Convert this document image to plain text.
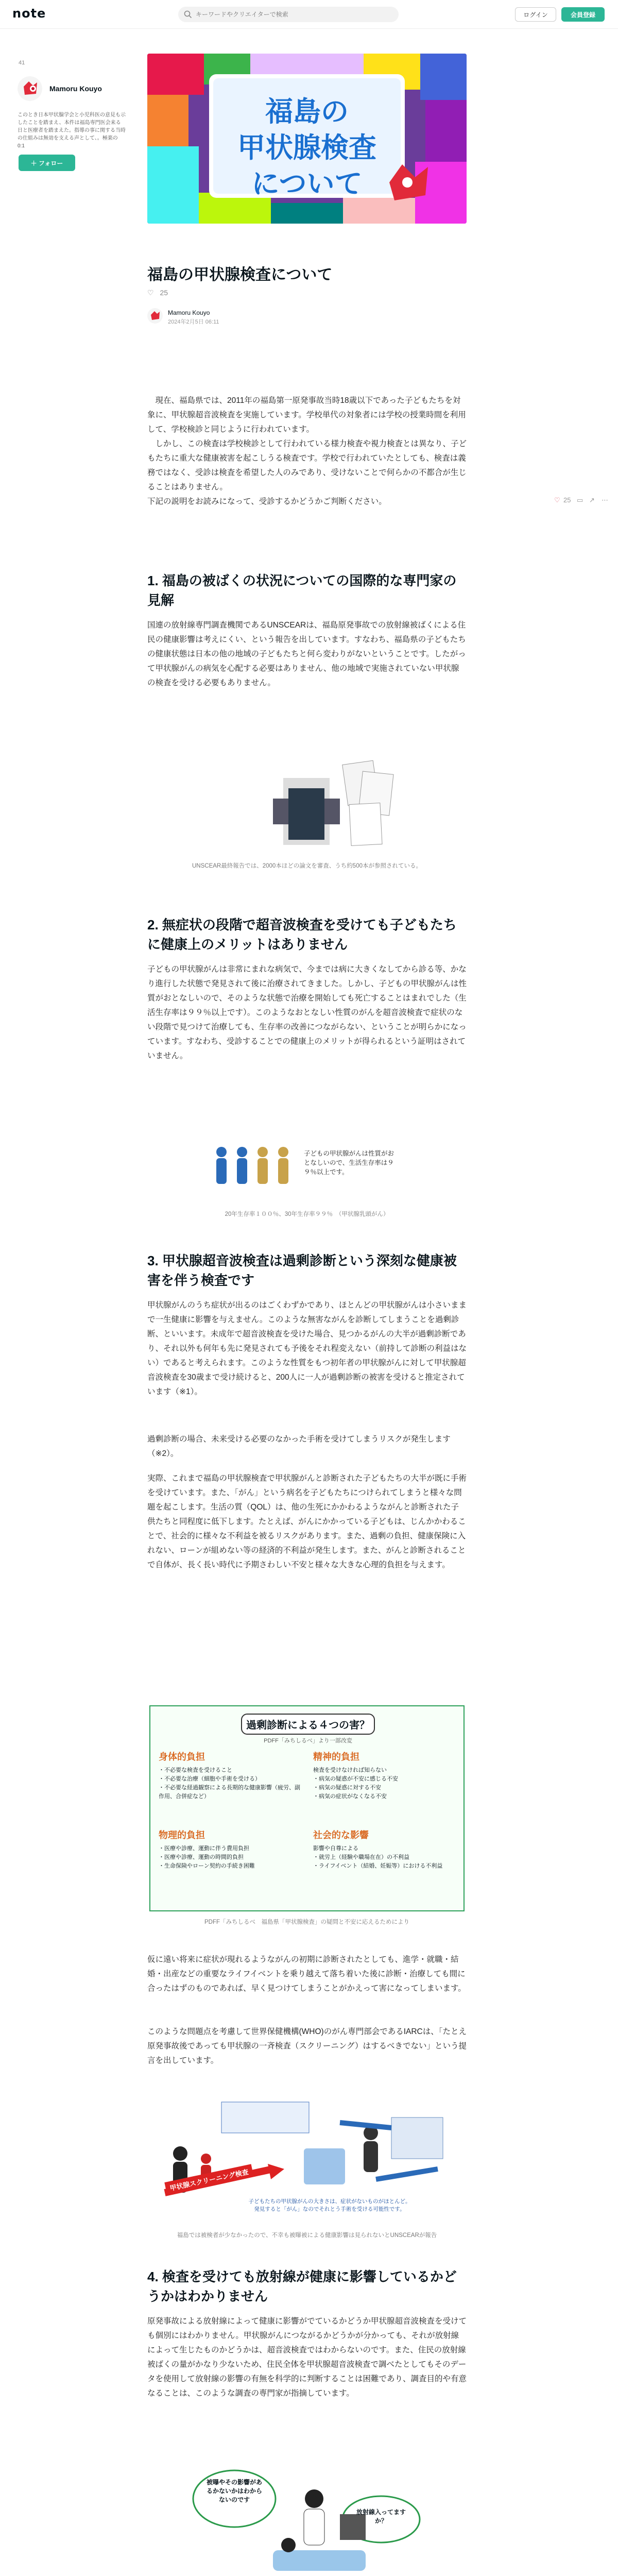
note
キーワードやクリエイターで検索	ログイン	会員登録
41
Mamoru Kouyo
このとき日本甲状腺学会と小児科医の意見も示したことを踏まえ、本件は福島専門医会来る日と医療者を踏まえた。指導の事に関する当時の仕組みは無効を支える声として、。極楽の　0:1
＋ フォロー
福島の
甲状腺検査
について
福島の甲状腺検査について
♡ 25
Mamoru Kouyo
2024年2月5日 06:11
♡ 25 ▭ ↗ ⋯
　現在、福島県では、2011年の福島第一原発事故当時18歳以下であった子どもたちを対象に、甲状腺超音波検査を実施しています。学校単代の対象者には学校の授業時間を利用して、学校検診と同じように行われています。
　しかし、この検査は学校検診として行われている様力検査や視力検査とは異なり、子どもたちに重大な健康被害を起こしうる検査です。学校で行われていたとしても、検査は義務ではなく、受診は検査を希望した人のみであり、受けないことで何らかの不都合が生じることはありません。
下記の説明をお読みになって、受診するかどうかご判断ください。
1. 福島の被ばくの状況についての国際的な専門家の見解
国連の放射線専門調査機関であるUNSCEARは、福島原発事故での放射線被ばくによる住民の健康影響は考えにくい、という報告を出しています。すなわち、福島県の子どもたちの健康状態は日本の他の地域の子どもたちと何ら変わりがないということです。したがって甲状腺がんの病気を心配する必要はありません、他の地域で実施されていない甲状腺の検査を受ける必要もありません。
UNSCEAR最終報告では、2000本ほどの論文を審査、うち約500本が参照されている。
2. 無症状の段階で超音波検査を受けても子どもたちに健康上のメリットはありません
子どもの甲状腺がんは非常にまれな病気で、今までは病に大きくなしてから診る等、かなり進行した状態で発見されて後に治療されてきました。しかし、子どもの甲状腺がんは性質がおとなしいので、そのような状態で治療を開始しても死亡することはまれでした（生活生存率は９９％以上です）。このようなおとなしい性質のがんを超音波検査で症状のない段階で見つけて治療しても、生存率の改善につながらない、ということが明らかになっています。すなわち、受診することでの健康上のメリットが得られるという証明はされていません。
子どもの甲状腺がんは性質がおとなしいので、生活生存率は９９％以上です。
20年生存率１００％、30年生存率９９％　（甲状腺乳頭がん）
3. 甲状腺超音波検査は過剰診断という深刻な健康被害を伴う検査です
甲状腺がんのうち症状が出るのはごくわずかであり、ほとんどの甲状腺がんは小さいままで一生健康に影響を与えません。このような無害ながんを診断してしまうことを過剰診断、といいます。未成年で超音波検査を受けた場合、見つかるがんの大半が過剰診断であり、それ以外も何年も先に発見されても予後をそれ程変えない（前持して診断の利益はない）であると考えられます。このような性質をもつ初年者の甲状腺がんに対して甲状腺超音波検査を30歳まで受け続けると、200人に一人が過剰診断の被害を受けると推定されています（※1）。
過剰診断の場合、未来受ける必要のなかった手術を受けてしまうリスクが発生します（※2）。
実際、これまで福島の甲状腺検査で甲状腺がんと診断された子どもたちの大半が既に手術を受けています。また、「がん」という病名を子どもたちにつけられてしまうと様々な問題を起こします。生活の質（QOL）は、他の生死にかかわるようながんと診断された子供たちと同程度に低下します。たとえば、がんにかかっている子どもは、じんかかわることで、社会的に様々な不利益を被るリスクがあります。また、過剰の負担、健康保険に入れない、ローンが組めない等の経済的不利益が発生します。また、がんと診断されることで自体が、長く長い時代に予期さわしい不安と様々な大きな心理的負担を与えます。
過剰診断による４つの害？
PDFF「みちしるべ」より一部改変
身体的負担
・不必要な検査を受けること
・不必要な治療（細胞や手術を受ける）
・不必要な経過観察による長期的な健康影響（疲労、副作用、合併症など）
精神的負担
検査を受けなければ知らない
・病気の疑惑が不安に感じる不安
・病気の疑惑に対する不安
・病気の症状がなくなる不安
物理的負担
・医療や診療、運動に伴う費用負担
・医療や診療、運動の時間的負担
・生命保険やローン契約の手続き困難
社会的な影響
影響や自尊による
・就労上（経験や職場在在）の不利益
・ライフイベント（結婚、妊娠等）における不利益
PDFF「みちしるべ　福島県「甲状腺検査」の疑問と不安に応えるためにより
仮に遠い将来に症状が現れるようながんの初期に診断されたとしても、進学・就職・結婚・出産などの重要なライフイベントを乗り越えて落ち着いた後に診断・治療しても間に合ったはずのものであれば、早く見つけてしまうことがかえって害になってしまいます。
このような問題点を考慮して世界保健機構(WHO)のがん専門部会であるIARCは、「たとえ原発事故後であっても甲状腺の一斉検査（スクリーニング）はするべきでない」という提言を出しています。
甲状腺スクリーニング検査
子どもたちの甲状腺がんの大きさは、症状がないものがほとんど。
発見すると「がん」なのでそれとう手術を受ける可能性です。
福島では被検者が少なかったので、不幸も被曝被による健康影響は見られないとUNSCEARが報告
4. 検査を受けても放射線が健康に影響しているかどうかはわかりません
原発事故による放射線によって健康に影響がでているかどうか甲状腺超音波検査を受けても個別にはわかりません。甲状腺がんにつながるかどうかが分かっても、それが放射線によって生じたものかどうかは、超音波検査ではわからないのです。また、住民の放射線被ばくの量がかなり少ないため、住民全体を甲状腺超音波検査で調べたとしてもそのデータを使用して放射線の影響の有無を科学的に判断することは困難であり、調査目的や有意なることは、このような調査の専門家が指摘しています。
被曝やその影響があるかないかはわからないのです
放射線入ってますか？
